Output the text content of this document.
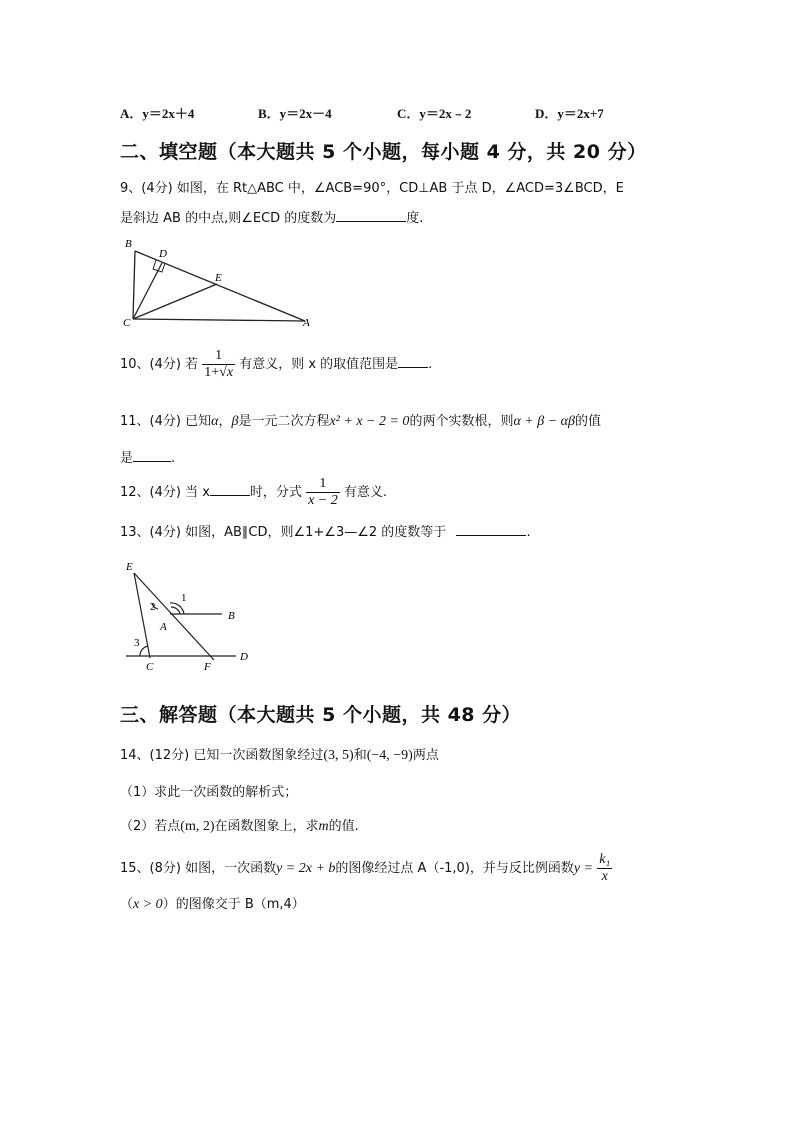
A．y＝2x＋4	B．y＝2x－4	C．y＝2x﹣2	D．y＝2x+7
二、填空题（本大题共 5 个小题，每小题 4 分，共 20 分）
9、(4分) 如图，在 Rt△ABC 中，∠ACB=90°，CD⊥AB 于点 D，∠ACD=3∠BCD，E
是斜边 AB 的中点,则∠ECD 的度数为	度.
B
D
E
C	A
10、(4分) 若 $\frac{1}{1+√x}$ 有意义，则 x 的取值范围是 .
11、(4分) 已知α，β是一元二次方程x² + x − 2 = 0的两个实数根，则α + β − αβ的值
是	.
12、(4分) 当 x	时，分式 $\frac{1}{x - 2}$ 有意义.
13、(4分) 如图，AB∥CD，则∠1+∠3—∠2 的度数等于	.
E
1
2
3
B
A
C	F
D
三、解答题（本大题共 5 个小题，共 48 分）
14、(12分) 已知一次函数图象经过(3, 5)和(−4, −9)两点
（1）求此一次函数的解析式；
（2）若点(m, 2)在函数图象上，求m的值.
15、(8分) 如图，一次函数y = 2x + b的图像经过点 A（-1,0)，并与反比例函数$y = \frac{\text{k₁}}{x}$
（x > 0）的图像交于 B（m,4）
